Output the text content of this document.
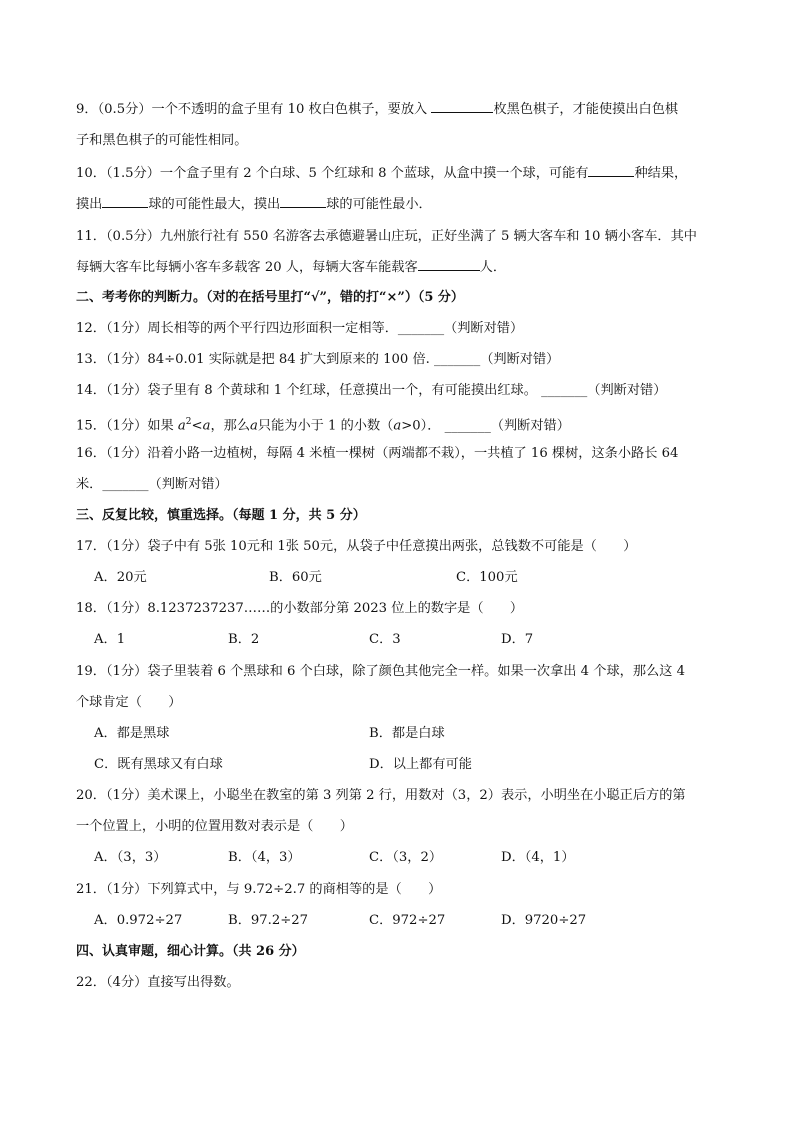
9．（0.5分）一个不透明的盒子里有 10 枚白色棋子，要放入	枚黑色棋子，才能使摸出白色棋
子和黑色棋子的可能性相同。
10．（1.5分）一个盒子里有 2 个白球、5 个红球和 8 个蓝球，从盒中摸一个球，可能有	种结果，
摸出	球的可能性最大，摸出	球的可能性最小．
11．（0.5分）九州旅行社有 550 名游客去承德避暑山庄玩，正好坐满了 5 辆大客车和 10 辆小客车．其中
每辆大客车比每辆小客车多载客 20 人，每辆大客车能载客	人．
二、考考你的判断力。（对的在括号里打“√”，错的打“×”）（5 分）
12．（1分）周长相等的两个平行四边形面积一定相等．_______（判断对错）
13．（1分）84÷0.01 实际就是把 84 扩大到原来的 100 倍. _______（判断对错）
14．（1分）袋子里有 8 个黄球和 1 个红球，任意摸出一个，有可能摸出红球。 _______（判断对错）
15．（1分）如果 $a^2<a$，那么a只能为小于 1 的小数（a>0）． _______（判断对错）
16．（1分）沿着小路一边植树，每隔 4 米植一棵树（两端都不栽），一共植了 16 棵树，这条小路长 64
米．_______（判断对错）
三、反复比较，慎重选择。（每题 1 分，共 5 分）
17．（1分）袋子中有 5张 10元和 1张 50元，从袋子中任意摸出两张，总钱数不可能是（　　）
A．20元	B．60元	C．100元
18．（1分）8.1237237237……的小数部分第 2023 位上的数字是（　　）
A．1	B．2	C．3	D．7
19．（1分）袋子里装着 6 个黑球和 6 个白球，除了颜色其他完全一样。如果一次拿出 4 个球，那么这 4
个球肯定（　　）
A．都是黑球	B．都是白球
C．既有黑球又有白球	D．以上都有可能
20．（1分）美术课上，小聪坐在教室的第 3 列第 2 行，用数对（3，2）表示，小明坐在小聪正后方的第
一个位置上，小明的位置用数对表示是（　　）
A．（3，3）	B．（4，3）	C．（3，2）	D．（4，1）
21．（1分）下列算式中，与 9.72÷2.7 的商相等的是（　　）
A．0.972÷27	B．97.2÷27	C．972÷27	D．9720÷27
四、认真审题，细心计算。（共 26 分）
22．（4分）直接写出得数。
